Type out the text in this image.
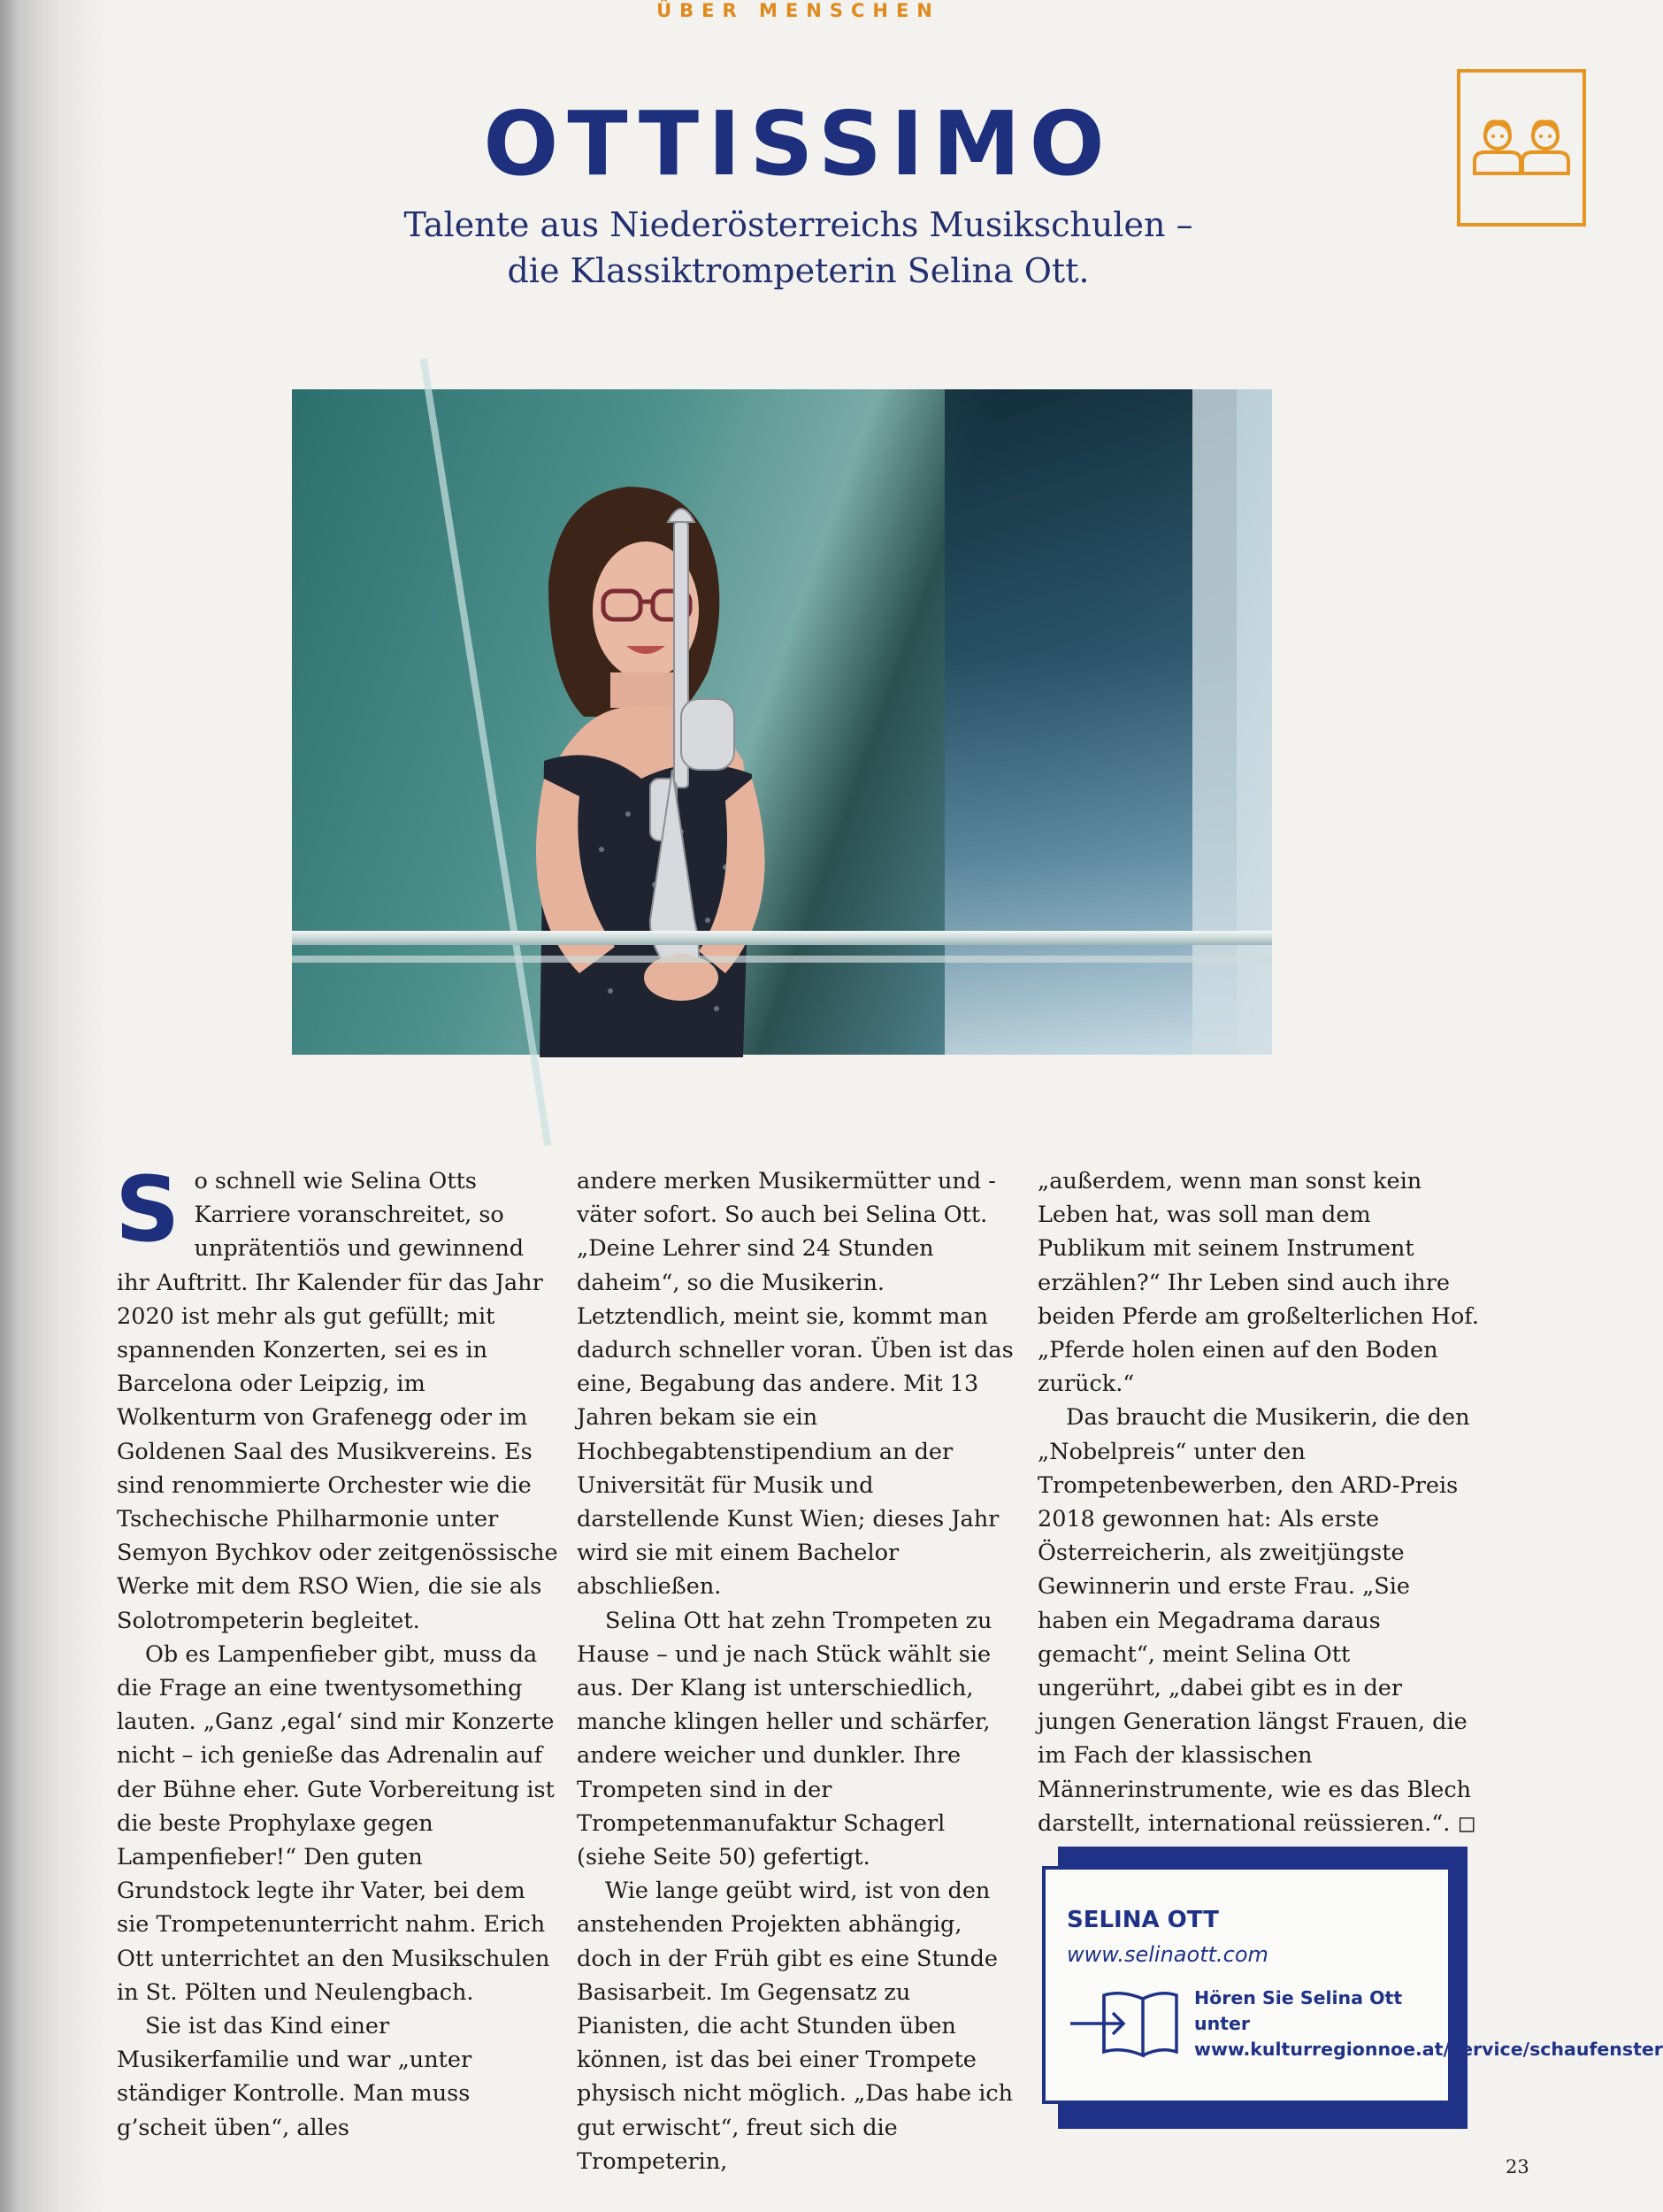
ÜBER MENSCHEN
OTTISSIMO
Talente aus Niederösterreichs Musikschulen –
die Klassiktrompeterin Selina Ott.

So schnell wie Selina Otts Karriere voranschreitet, so unprätentiös und gewinnend ihr Auftritt. Ihr Kalender für das Jahr 2020 ist mehr als gut gefüllt; mit spannenden Konzerten, sei es in Barcelona oder Leipzig, im Wolkenturm von Grafenegg oder im Goldenen Saal des Musikvereins. Es sind renommierte Orchester wie die Tschechische Philharmonie unter Semyon Bychkov oder zeitgenössische Werke mit dem RSO Wien, die sie als Solotrompeterin begleitet.

Ob es Lampenfieber gibt, muss da die Frage an eine twentysomething lauten. „Ganz ‚egal‘ sind mir Konzerte nicht – ich genieße das Adrenalin auf der Bühne eher. Gute Vorbereitung ist die beste Prophylaxe gegen Lampenfieber!“ Den guten Grundstock legte ihr Vater, bei dem sie Trompetenunterricht nahm. Erich Ott unterrichtet an den Musikschulen in St. Pölten und Neulengbach.

Sie ist das Kind einer Musikerfamilie und war „unter ständiger Kontrolle. Man muss g’scheit üben“, alles

andere merken Musikermütter und -väter sofort. So auch bei Selina Ott. „Deine Lehrer sind 24 Stunden daheim“, so die Musikerin. Letztendlich, meint sie, kommt man dadurch schneller voran. Üben ist das eine, Begabung das andere. Mit 13 Jahren bekam sie ein Hochbegabtenstipendium an der Universität für Musik und darstellende Kunst Wien; dieses Jahr wird sie mit einem Bachelor abschließen.

Selina Ott hat zehn Trompeten zu Hause – und je nach Stück wählt sie aus. Der Klang ist unterschiedlich, manche klingen heller und schärfer, andere weicher und dunkler. Ihre Trompeten sind in der Trompetenmanufaktur Schagerl (siehe Seite 50) gefertigt.

Wie lange geübt wird, ist von den anstehenden Projekten abhängig, doch in der Früh gibt es eine Stunde Basisarbeit. Im Gegensatz zu Pianisten, die acht Stunden üben können, ist das bei einer Trompete physisch nicht möglich. „Das habe ich gut erwischt“, freut sich die Trompeterin,

„außerdem, wenn man sonst kein Leben hat, was soll man dem Publikum mit seinem Instrument erzählen?“ Ihr Leben sind auch ihre beiden Pferde am großelterlichen Hof. „Pferde holen einen auf den Boden zurück.“

Das braucht die Musikerin, die den „Nobelpreis“ unter den Trompetenbewerben, den ARD-Preis 2018 gewonnen hat: Als erste Österreicherin, als zweitjüngste Gewinnerin und erste Frau. „Sie haben ein Megadrama daraus gemacht“, meint Selina Ott ungerührt, „dabei gibt es in der jungen Generation längst Frauen, die im Fach der klassischen Männerinstrumente, wie es das Blech darstellt, international reüssieren.“. ◻

SELINA OTT
www.selinaott.com
Hören Sie Selina Ott unter www.kulturregionnoe.at/service/schaufenster
23
